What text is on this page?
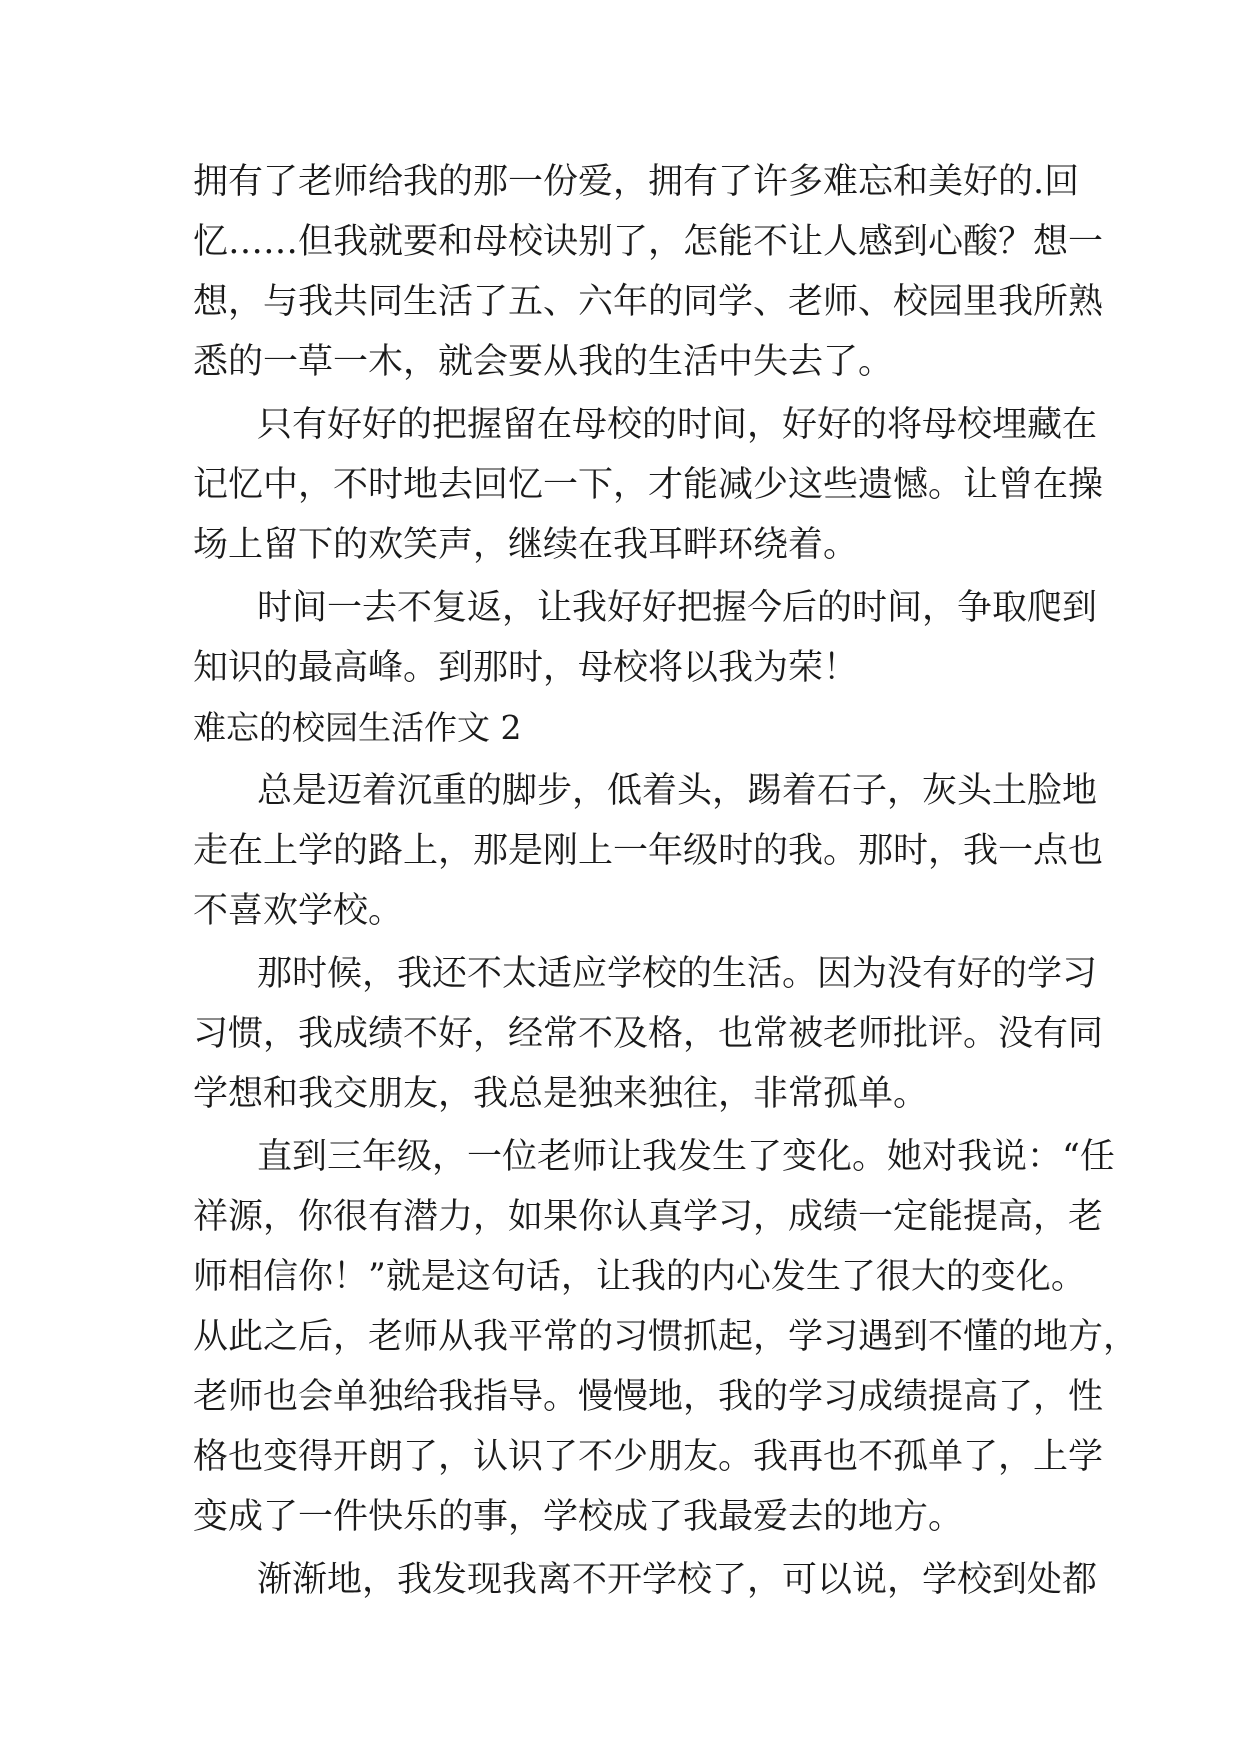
拥有了老师给我的那一份爱，拥有了许多难忘和美好的.回
忆……但我就要和母校诀别了，怎能不让人感到心酸？想一
想，与我共同生活了五、六年的同学、老师、校园里我所熟
悉的一草一木，就会要从我的生活中失去了。
只有好好的把握留在母校的时间，好好的将母校埋藏在
记忆中，不时地去回忆一下，才能减少这些遗憾。让曾在操
场上留下的欢笑声，继续在我耳畔环绕着。
时间一去不复返，让我好好把握今后的时间，争取爬到
知识的最高峰。到那时，母校将以我为荣！
难忘的校园生活作文 2
总是迈着沉重的脚步，低着头，踢着石子，灰头土脸地
走在上学的路上，那是刚上一年级时的我。那时，我一点也
不喜欢学校。
那时候，我还不太适应学校的生活。因为没有好的学习
习惯，我成绩不好，经常不及格，也常被老师批评。没有同
学想和我交朋友，我总是独来独往，非常孤单。
直到三年级，一位老师让我发生了变化。她对我说：“任
祥源，你很有潜力，如果你认真学习，成绩一定能提高，老
师相信你！”就是这句话，让我的内心发生了很大的变化。
从此之后，老师从我平常的习惯抓起，学习遇到不懂的地方，
老师也会单独给我指导。慢慢地，我的学习成绩提高了，性
格也变得开朗了，认识了不少朋友。我再也不孤单了，上学
变成了一件快乐的事，学校成了我最爱去的地方。
渐渐地，我发现我离不开学校了，可以说，学校到处都
